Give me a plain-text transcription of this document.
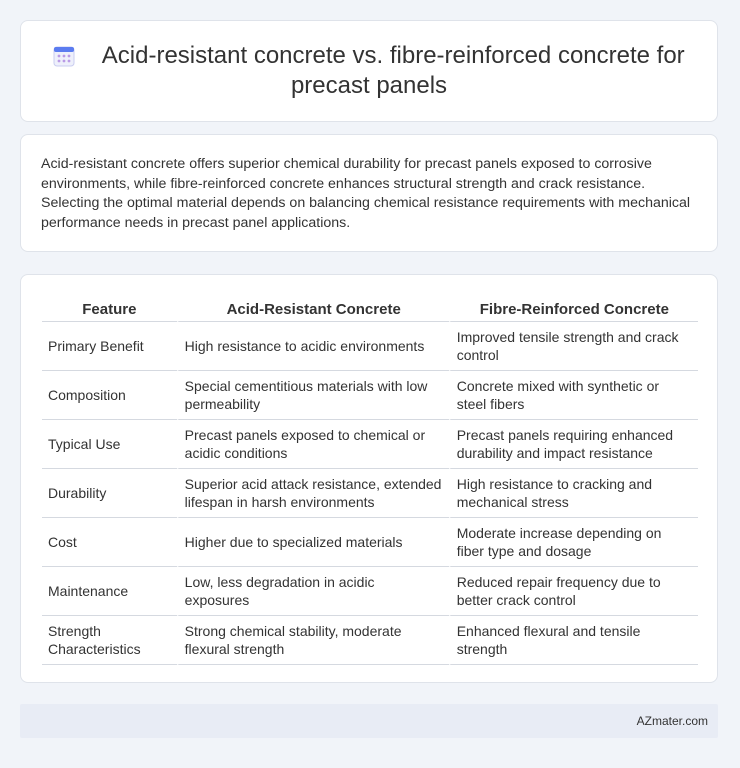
Acid-resistant concrete vs. fibre-reinforced concrete for precast panels

Acid-resistant concrete offers superior chemical durability for precast panels exposed to corrosive environments, while fibre-reinforced concrete enhances structural strength and crack resistance. Selecting the optimal material depends on balancing chemical resistance requirements with mechanical performance needs in precast panel applications.

Feature	Acid-Resistant Concrete	Fibre-Reinforced Concrete
Primary Benefit	High resistance to acidic environments	Improved tensile strength and crack control
Composition	Special cementitious materials with low permeability	Concrete mixed with synthetic or steel fibers
Typical Use	Precast panels exposed to chemical or acidic conditions	Precast panels requiring enhanced durability and impact resistance
Durability	Superior acid attack resistance, extended lifespan in harsh environments	High resistance to cracking and mechanical stress
Cost	Higher due to specialized materials	Moderate increase depending on fiber type and dosage
Maintenance	Low, less degradation in acidic exposures	Reduced repair frequency due to better crack control
Strength Characteristics	Strong chemical stability, moderate flexural strength	Enhanced flexural and tensile strength
AZmater.com
